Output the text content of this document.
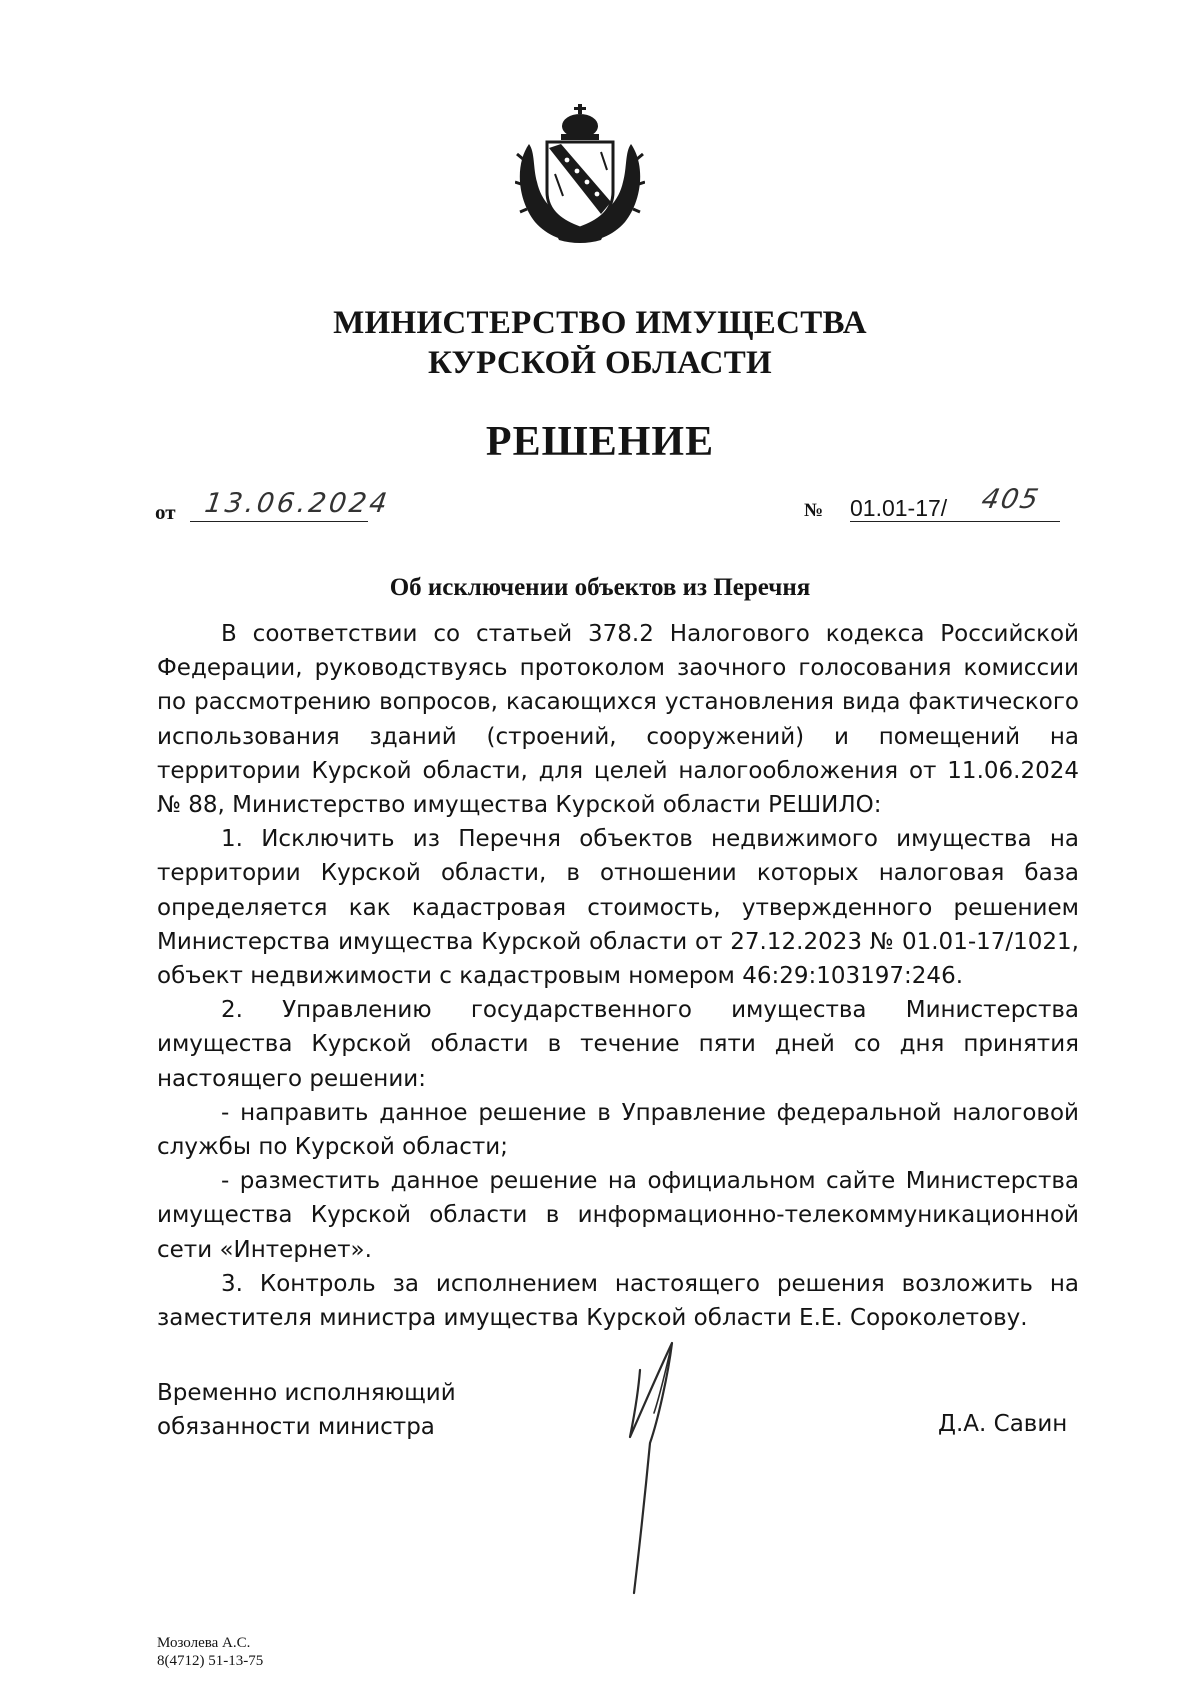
МИНИСТЕРСТВО ИМУЩЕСТВА
КУРСКОЙ ОБЛАСТИ
РЕШЕНИЕ
от 13.06.2024	№ 01.01-17/ 405
Об исключении объектов из Перечня

В соответствии со статьей 378.2 Налогового кодекса Российской Федерации, руководствуясь протоколом заочного голосования комиссии по рассмотрению вопросов, касающихся установления вида фактического использования зданий (строений, сооружений) и помещений на территории Курской области, для целей налогообложения от 11.06.2024 № 88, Министерство имущества Курской области РЕШИЛО:

1. Исключить из Перечня объектов недвижимого имущества на территории Курской области, в отношении которых налоговая база определяется как кадастровая стоимость, утвержденного решением Министерства имущества Курской области от 27.12.2023 № 01.01-17/1021, объект недвижимости с кадастровым номером 46:29:103197:246.

2. Управлению государственного имущества Министерства имущества Курской области в течение пяти дней со дня принятия настоящего решении:

- направить данное решение в Управление федеральной налоговой службы по Курской области;

- разместить данное решение на официальном сайте Министерства имущества Курской области в информационно-телекоммуникационной сети «Интернет».

3. Контроль за исполнением настоящего решения возложить на заместителя министра имущества Курской области Е.Е. Сороколетову.

Временно исполняющий
обязанности министра	Д.А. Савин
Мозолева А.С.
8(4712) 51-13-75
